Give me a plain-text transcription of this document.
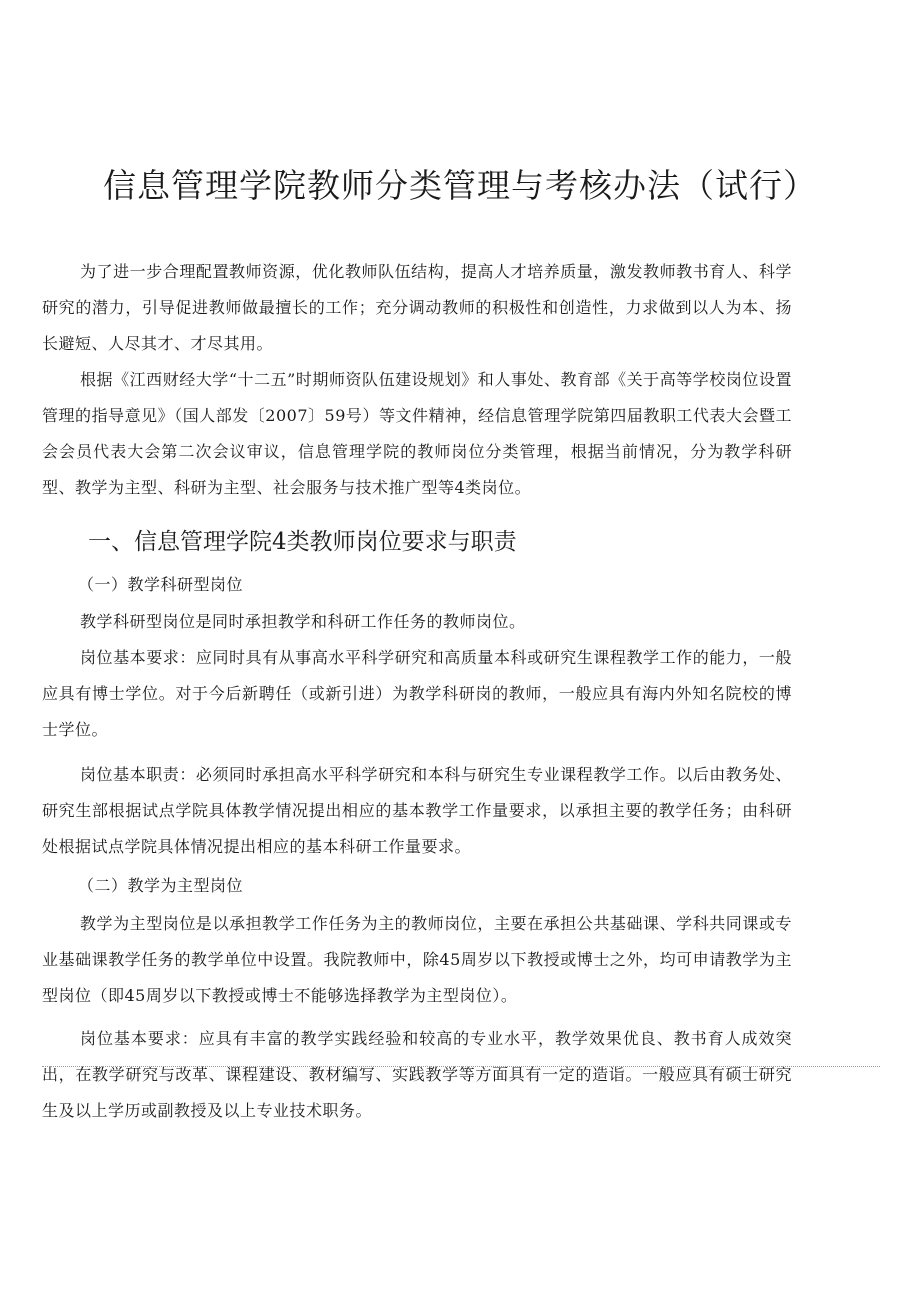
信息管理学院教师分类管理与考核办法（试行）

为了进一步合理配置教师资源，优化教师队伍结构，提高人才培养质量，激发教师教书育人、科学研究的潜力，引导促进教师做最擅长的工作；充分调动教师的积极性和创造性，力求做到以人为本、扬长避短、人尽其才、才尽其用。

根据《江西财经大学“十二五”时期师资队伍建设规划》和人事处、教育部《关于高等学校岗位设置管理的指导意见》（国人部发〔2007〕59号）等文件精神，经信息管理学院第四届教职工代表大会暨工会会员代表大会第二次会议审议，信息管理学院的教师岗位分类管理，根据当前情况，分为教学科研型、教学为主型、科研为主型、社会服务与技术推广型等4类岗位。

一、信息管理学院4类教师岗位要求与职责
（一）教学科研型岗位

教学科研型岗位是同时承担教学和科研工作任务的教师岗位。

岗位基本要求：应同时具有从事高水平科学研究和高质量本科或研究生课程教学工作的能力，一般应具有博士学位。对于今后新聘任（或新引进）为教学科研岗的教师，一般应具有海内外知名院校的博士学位。

岗位基本职责：必须同时承担高水平科学研究和本科与研究生专业课程教学工作。以后由教务处、研究生部根据试点学院具体教学情况提出相应的基本教学工作量要求，以承担主要的教学任务；由科研处根据试点学院具体情况提出相应的基本科研工作量要求。

（二）教学为主型岗位

教学为主型岗位是以承担教学工作任务为主的教师岗位，主要在承担公共基础课、学科共同课或专业基础课教学任务的教学单位中设置。我院教师中，除45周岁以下教授或博士之外，均可申请教学为主型岗位（即45周岁以下教授或博士不能够选择教学为主型岗位）。

岗位基本要求：应具有丰富的教学实践经验和较高的专业水平，教学效果优良、教书育人成效突出，在教学研究与改革、课程建设、教材编写、实践教学等方面具有一定的造诣。一般应具有硕士研究生及以上学历或副教授及以上专业技术职务。
